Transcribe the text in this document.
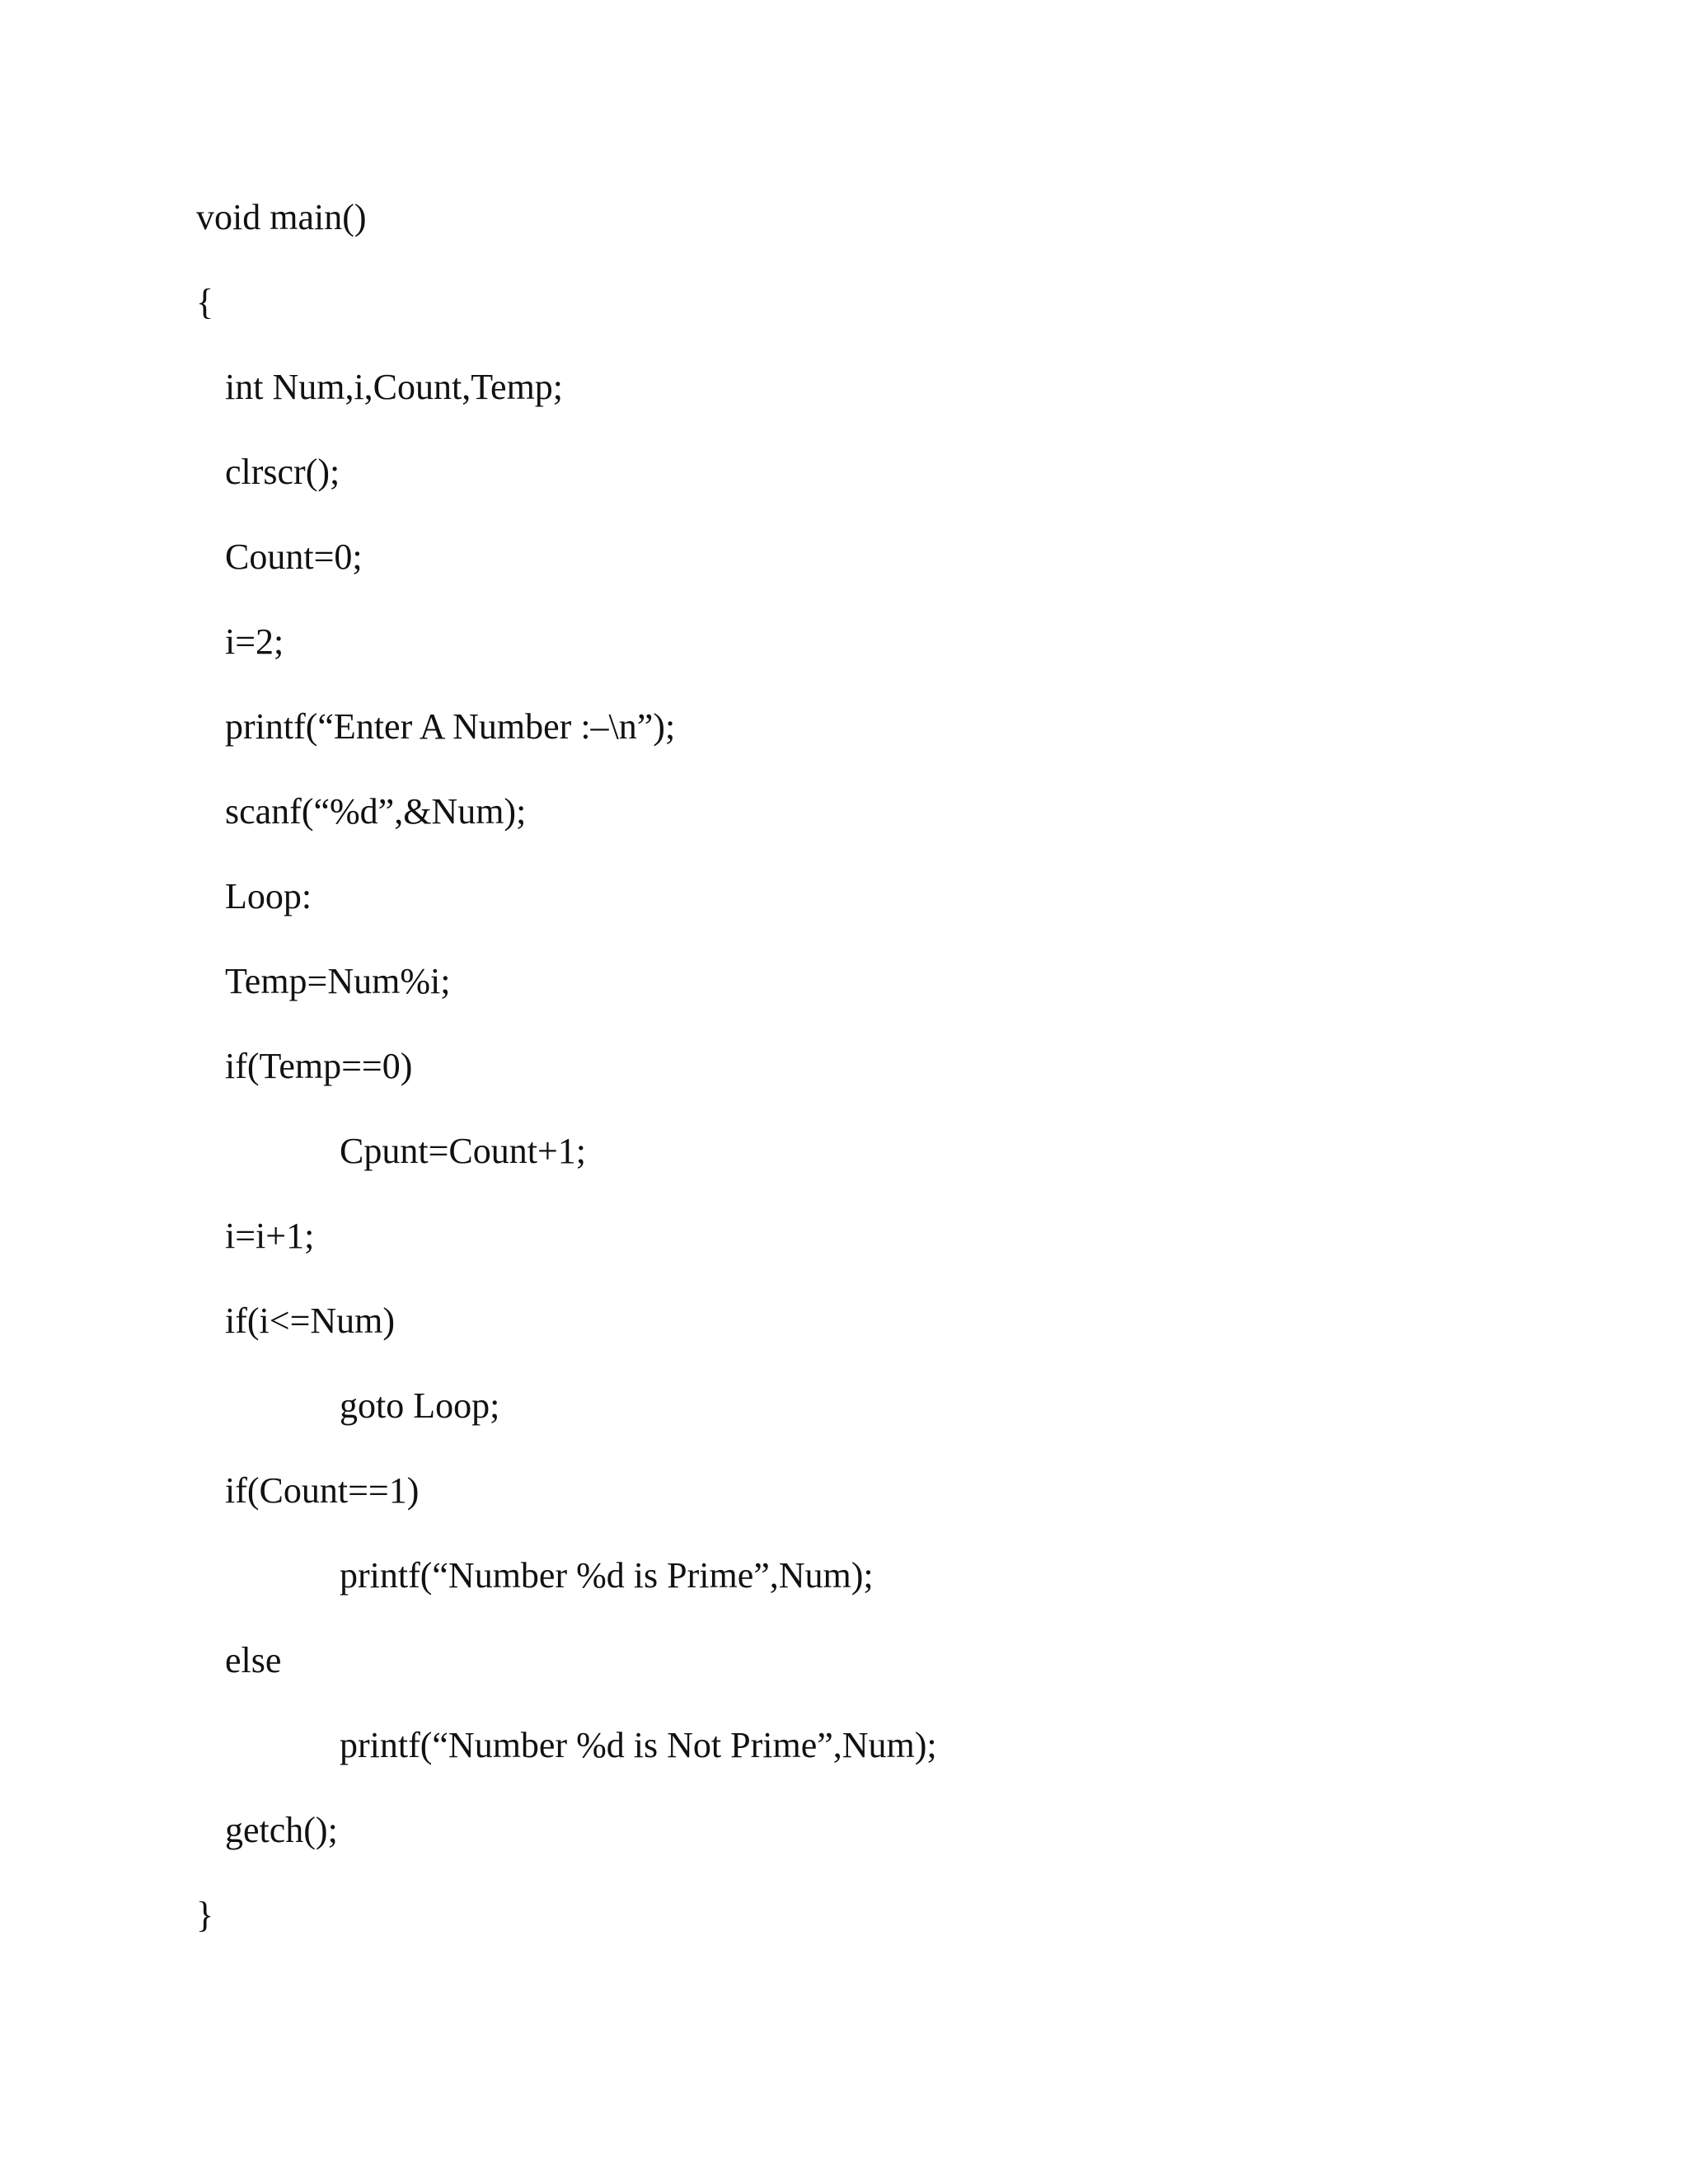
void main()

{

int Num,i,Count,Temp;

clrscr();

Count=0;

i=2;

printf(“Enter A Number :–\n”);

scanf(“%d”,&Num);

Loop:

Temp=Num%i;

if(Temp==0)

Cpunt=Count+1;

i=i+1;

if(i<=Num)

goto Loop;

if(Count==1)

printf(“Number %d is Prime”,Num);

else

printf(“Number %d is Not Prime”,Num);

getch();

}
